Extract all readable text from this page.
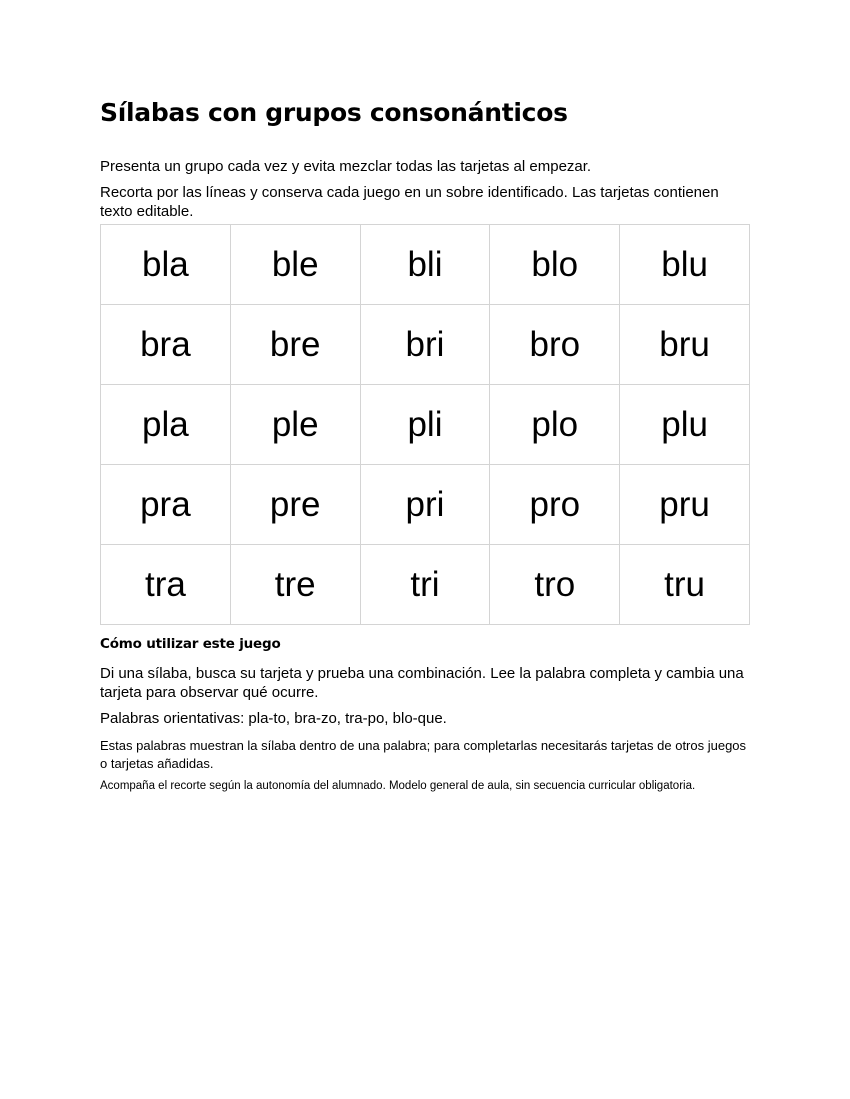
Sílabas con grupos consonánticos

Presenta un grupo cada vez y evita mezclar todas las tarjetas al empezar.

Recorta por las líneas y conserva cada juego en un sobre identificado. Las tarjetas contienen texto editable.

bla	ble	bli	blo	blu
bra	bre	bri	bro	bru
pla	ple	pli	plo	plu
pra	pre	pri	pro	pru
tra	tre	tri	tro	tru
Cómo utilizar este juego

Di una sílaba, busca su tarjeta y prueba una combinación. Lee la palabra completa y cambia una tarjeta para observar qué ocurre.

Palabras orientativas: pla-to, bra-zo, tra-po, blo-que.

Estas palabras muestran la sílaba dentro de una palabra; para completarlas necesitarás tarjetas de otros juegos o tarjetas añadidas.

Acompaña el recorte según la autonomía del alumnado. Modelo general de aula, sin secuencia curricular obligatoria.
